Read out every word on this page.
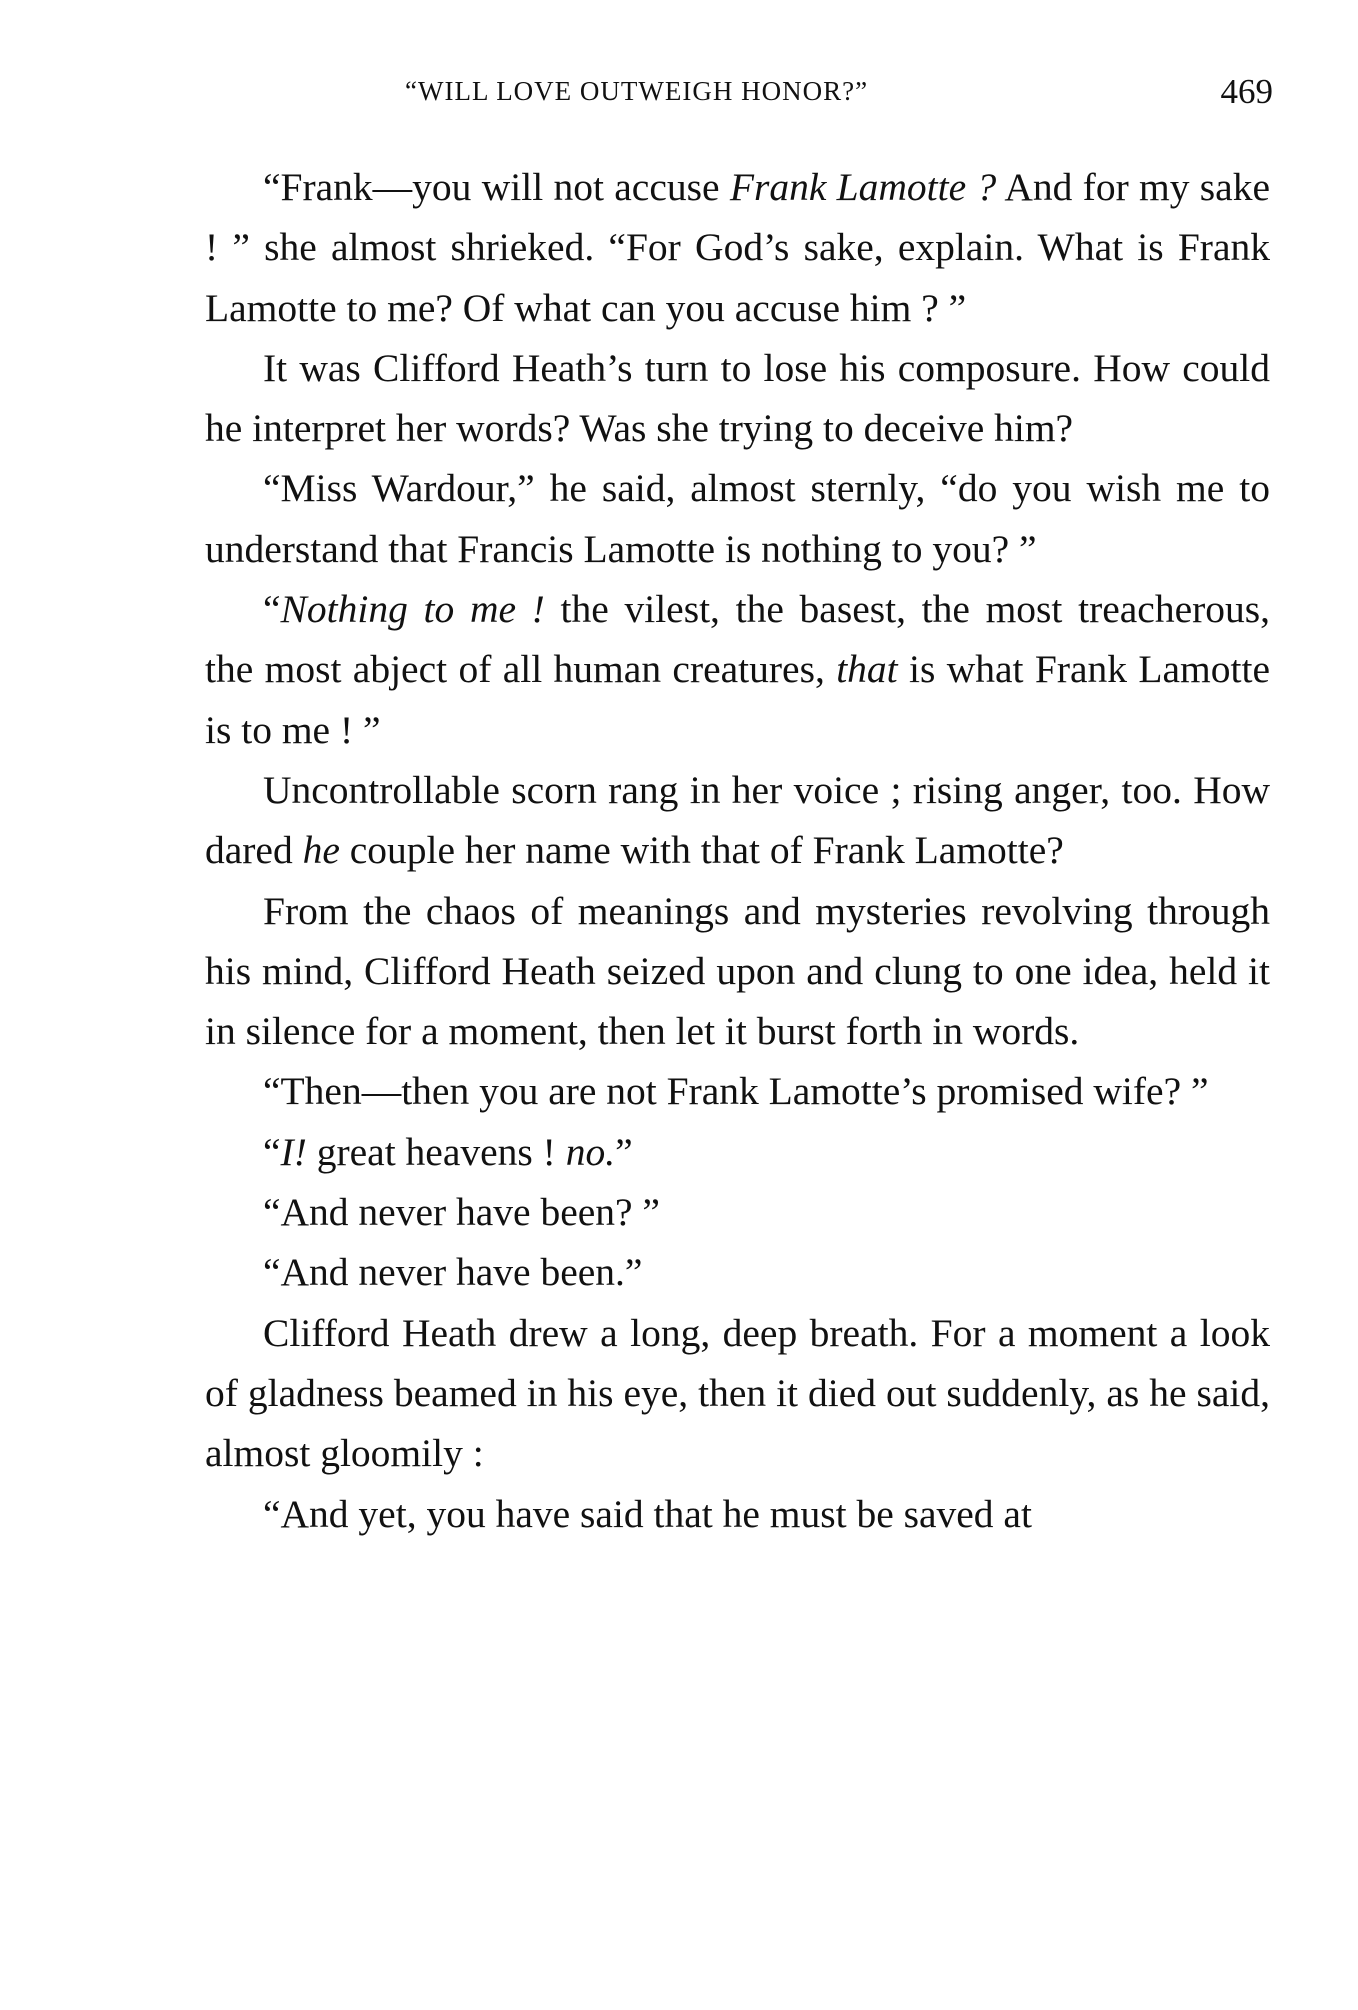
“WILL LOVE OUTWEIGH HONOR?”	469

“Frank—you will not accuse Frank Lamotte ? And for my sake ! ” she almost shrieked. “For God’s sake, explain. What is Frank Lamotte to me? Of what can you accuse him ? ”

It was Clifford Heath’s turn to lose his composure. How could he interpret her words? Was she trying to deceive him?

“Miss Wardour,” he said, almost sternly, “do you wish me to understand that Francis Lamotte is nothing to you? ”

“Nothing to me ! the vilest, the basest, the most treacherous, the most abject of all human creatures, that is what Frank Lamotte is to me ! ”

Uncontrollable scorn rang in her voice ; rising anger, too. How dared he couple her name with that of Frank Lamotte?

From the chaos of meanings and mysteries revolving through his mind, Clifford Heath seized upon and clung to one idea, held it in silence for a moment, then let it burst forth in words.

“Then—then you are not Frank Lamotte’s promised wife? ”

“I! great heavens ! no.”

“And never have been? ”

“And never have been.”

Clifford Heath drew a long, deep breath. For a moment a look of gladness beamed in his eye, then it died out suddenly, as he said, almost gloomily :

“And yet, you have said that he must be saved at
